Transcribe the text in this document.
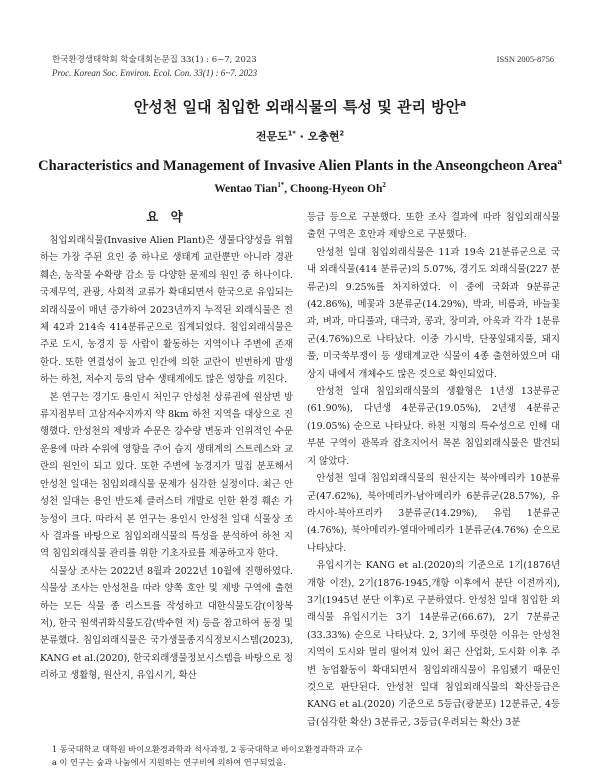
한국환경생태학회 학술대회논문집 33(1) : 6~7, 2023
Proc. Korean Soc. Environ. Ecol. Con. 33(1) : 6~7. 2023
ISSN 2005-8756
안성천 일대 침입한 외래식물의 특성 및 관리 방안$^a$
전문도$^{1*}$ · 오충현$^2$
Characteristics and Management of Invasive Alien Plants in the Anseongcheon Area$^a$
Wentao Tian$^{1*}$, Choong-Hyeon Oh$^2$
요 약

침입외래식물(Invasive Alien Plant)은 생물다양성을 위협하는 가장 주된 요인 중 하나로 생태계 교란뿐만 아니라 경관 훼손, 농작물 수확량 감소 등 다양한 문제의 원인 중 하나이다. 국제무역, 관광, 사회적 교류가 확대되면서 한국으로 유입되는 외래식물이 매년 증가하여 2023년까지 누적된 외래식물은 전체 42과 214속 414분류군으로 집계되었다. 침입외래식물은 주로 도시, 농경지 등 사람이 활동하는 지역이나 주변에 존재한다. 또한 연결성이 높고 인간에 의한 교란이 빈번하게 발생하는 하천, 저수지 등의 담수 생태계에도 많은 영향을 끼친다.

본 연구는 경기도 용인시 처인구 안성천 상류권에 원삼면 방류지점부터 고삼저수지까지 약 8km 하천 지역을 대상으로 진행했다. 안성천의 제방과 수문은 강수량 변동과 인위적인 수문 운용에 따라 수위에 영향을 주어 습지 생태계의 스트레스와 교란의 원인이 되고 있다. 또한 주변에 농경지가 밀집 분포해서 안성천 일대는 침입외래식물 문제가 심각한 실정이다. 최근 안성천 일대는 용인 반도체 클러스터 개발로 인한 환경 훼손 가능성이 크다. 따라서 본 연구는 용인시 안성천 일대 식물상 조사 결과를 바탕으로 침입외래식물의 특성을 분석하여 하천 지역 침입외래식물 관리를 위한 기초자료를 제공하고자 한다.

식물상 조사는 2022년 8월과 2022년 10월에 진행하였다. 식물상 조사는 안성천을 따라 양쪽 호안 및 제방 구역에 출현하는 모든 식물 종 리스트를 작성하고 대한식물도감(이창복 저), 한국 원색귀화식물도감(박수현 저) 등을 참고하여 동정 및 분류했다. 침입외래식물은 국가생물종지식정보시스템(2023), KANG et al.(2020), 한국외래생물정보시스템을 바탕으로 정리하고 생활형, 원산지, 유입시기, 확산

등급 등으로 구분했다. 또한 조사 결과에 따라 침입외래식물 출현 구역은 호안과 제방으로 구분했다.

안성천 일대 침입외래식물은 11과 19속 21분류군으로 국내 외래식물(414 분류군)의 5.07%, 경기도 외래식물(227 분류군)의 9.25%를 차지하였다. 이 중에 국화과 9분류군(42.86%), 메꽃과 3분류군(14.29%), 박과, 비름과, 바늘꽃과, 벼과, 마디풀과, 대극과, 콩과, 장미과, 아욱과 각각 1분류군(4.76%)으로 나타났다. 이중 가시박, 단풍잎돼지풀, 돼지풀, 미국쑥부쟁이 등 생태계교란 식물이 4종 출현하였으며 대상지 내에서 개체수도 많은 것으로 확인되었다.

안성천 일대 침입외래식물의 생활형은 1년생 13분류군(61.90%), 다년생 4분류군(19.05%), 2년생 4분류군(19.05%) 순으로 나타났다. 하천 지형의 특수성으로 인해 대부분 구역이 관목과 잡초지어서 목본 침입외래식물은 발견되지 않았다.

안성천 일대 침입외래식물의 원산지는 북아메리카 10분류군(47.62%), 북아메리카-남아메리카 6분류군(28.57%), 유라시아-북아프리카 3분류군(14.29%), 유럽 1분류군(4.76%), 북아메리카-열대아메리카 1분류군(4.76%) 순으로 나타났다.

유입시기는 KANG et al.(2020)의 기준으로 1기(1876년 개항 이전), 2기(1876-1945,개항 이후에서 분단 이전까지), 3기(1945년 분단 이후)로 구분하였다. 안성천 일대 침입한 외래식물 유입시기는 3기 14분류군(66.67), 2기 7분류군(33.33%) 순으로 나타났다. 2, 3기에 뚜렷한 이유는 안성천 지역이 도시와 멀리 떨어져 있어 최근 산업화, 도시화 이후 주변 농업활동이 확대되면서 침입외래식물이 유입됐기 때문인 것으로 판단된다. 안성천 일대 침입외래식물의 확산등급은 KANG et al.(2020) 기준으로 5등급(광분포) 12분류군, 4등급(심각한 확산) 3분류군, 3등급(우려되는 확산) 3분

1 동국대학교 대학원 바이오환경과학과 석사과정, 2 동국대학교 바이오환경과학과 교수
a 이 연구는 숲과 나눔에서 지원하는 연구비에 의하여 연구되었음.
